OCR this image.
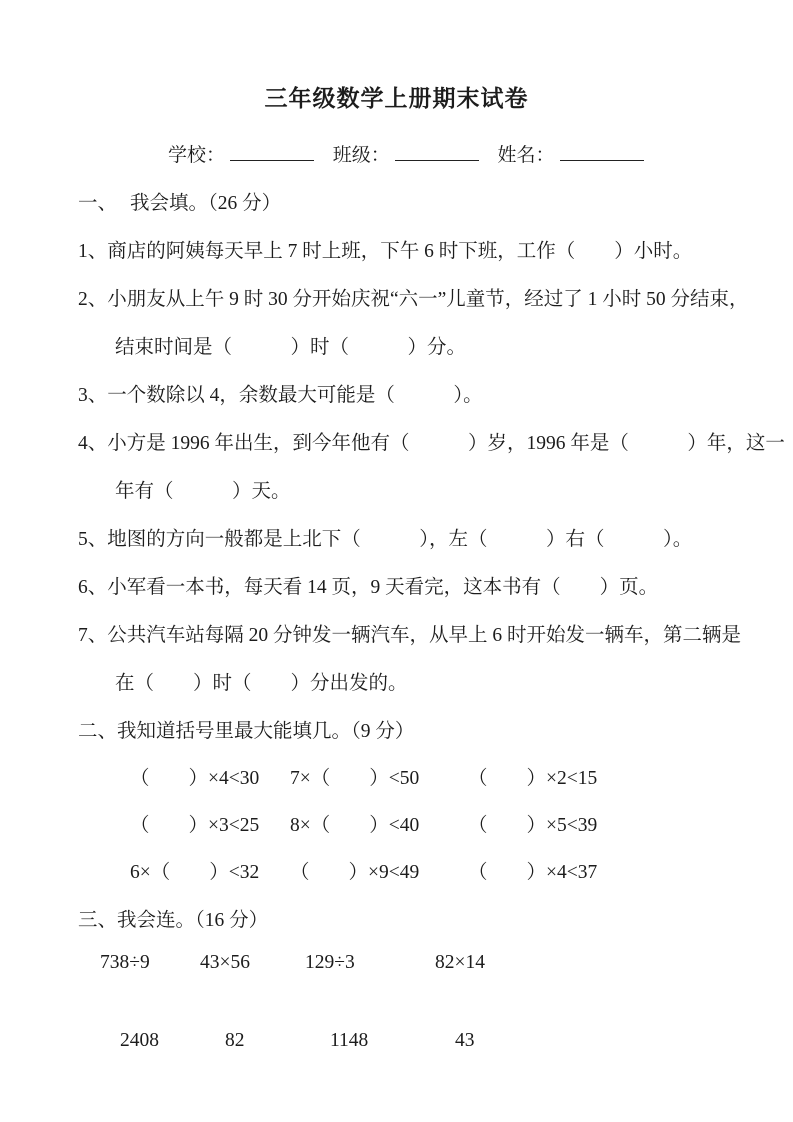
三年级数学上册期末试卷
学校：	班级：	姓名：
一、 我会填。（26 分）
1、商店的阿姨每天早上 7 时上班，下午 6 时下班，工作（　　）小时。
2、小朋友从上午 9 时 30 分开始庆祝“六一”儿童节，经过了 1 小时 50 分结束，
结束时间是（　　　）时（　　　）分。
3、一个数除以 4，余数最大可能是（　　　）。
4、小方是 1996 年出生，到今年他有（　　　）岁，1996 年是（　　　）年，这一
年有（　　　）天。
5、地图的方向一般都是上北下（　　　），左（　　　）右（　　　）。
6、小军看一本书，每天看 14 页，9 天看完，这本书有（　　）页。
7、公共汽车站每隔 20 分钟发一辆汽车，从早上 6 时开始发一辆车，第二辆是
在（　　）时（　　）分出发的。
二、我知道括号里最大能填几。（9 分）
（　　）×4<30 7×（　　）<50	（　　）×2<15
（　　）×3<25 8×（　　）<40	（　　）×5<39
6×（　　）<32 （　　）×9<49	（　　）×4<37
三、我会连。（16 分）
738÷9	43×56	129÷3	82×14
2408	82	1148	43
